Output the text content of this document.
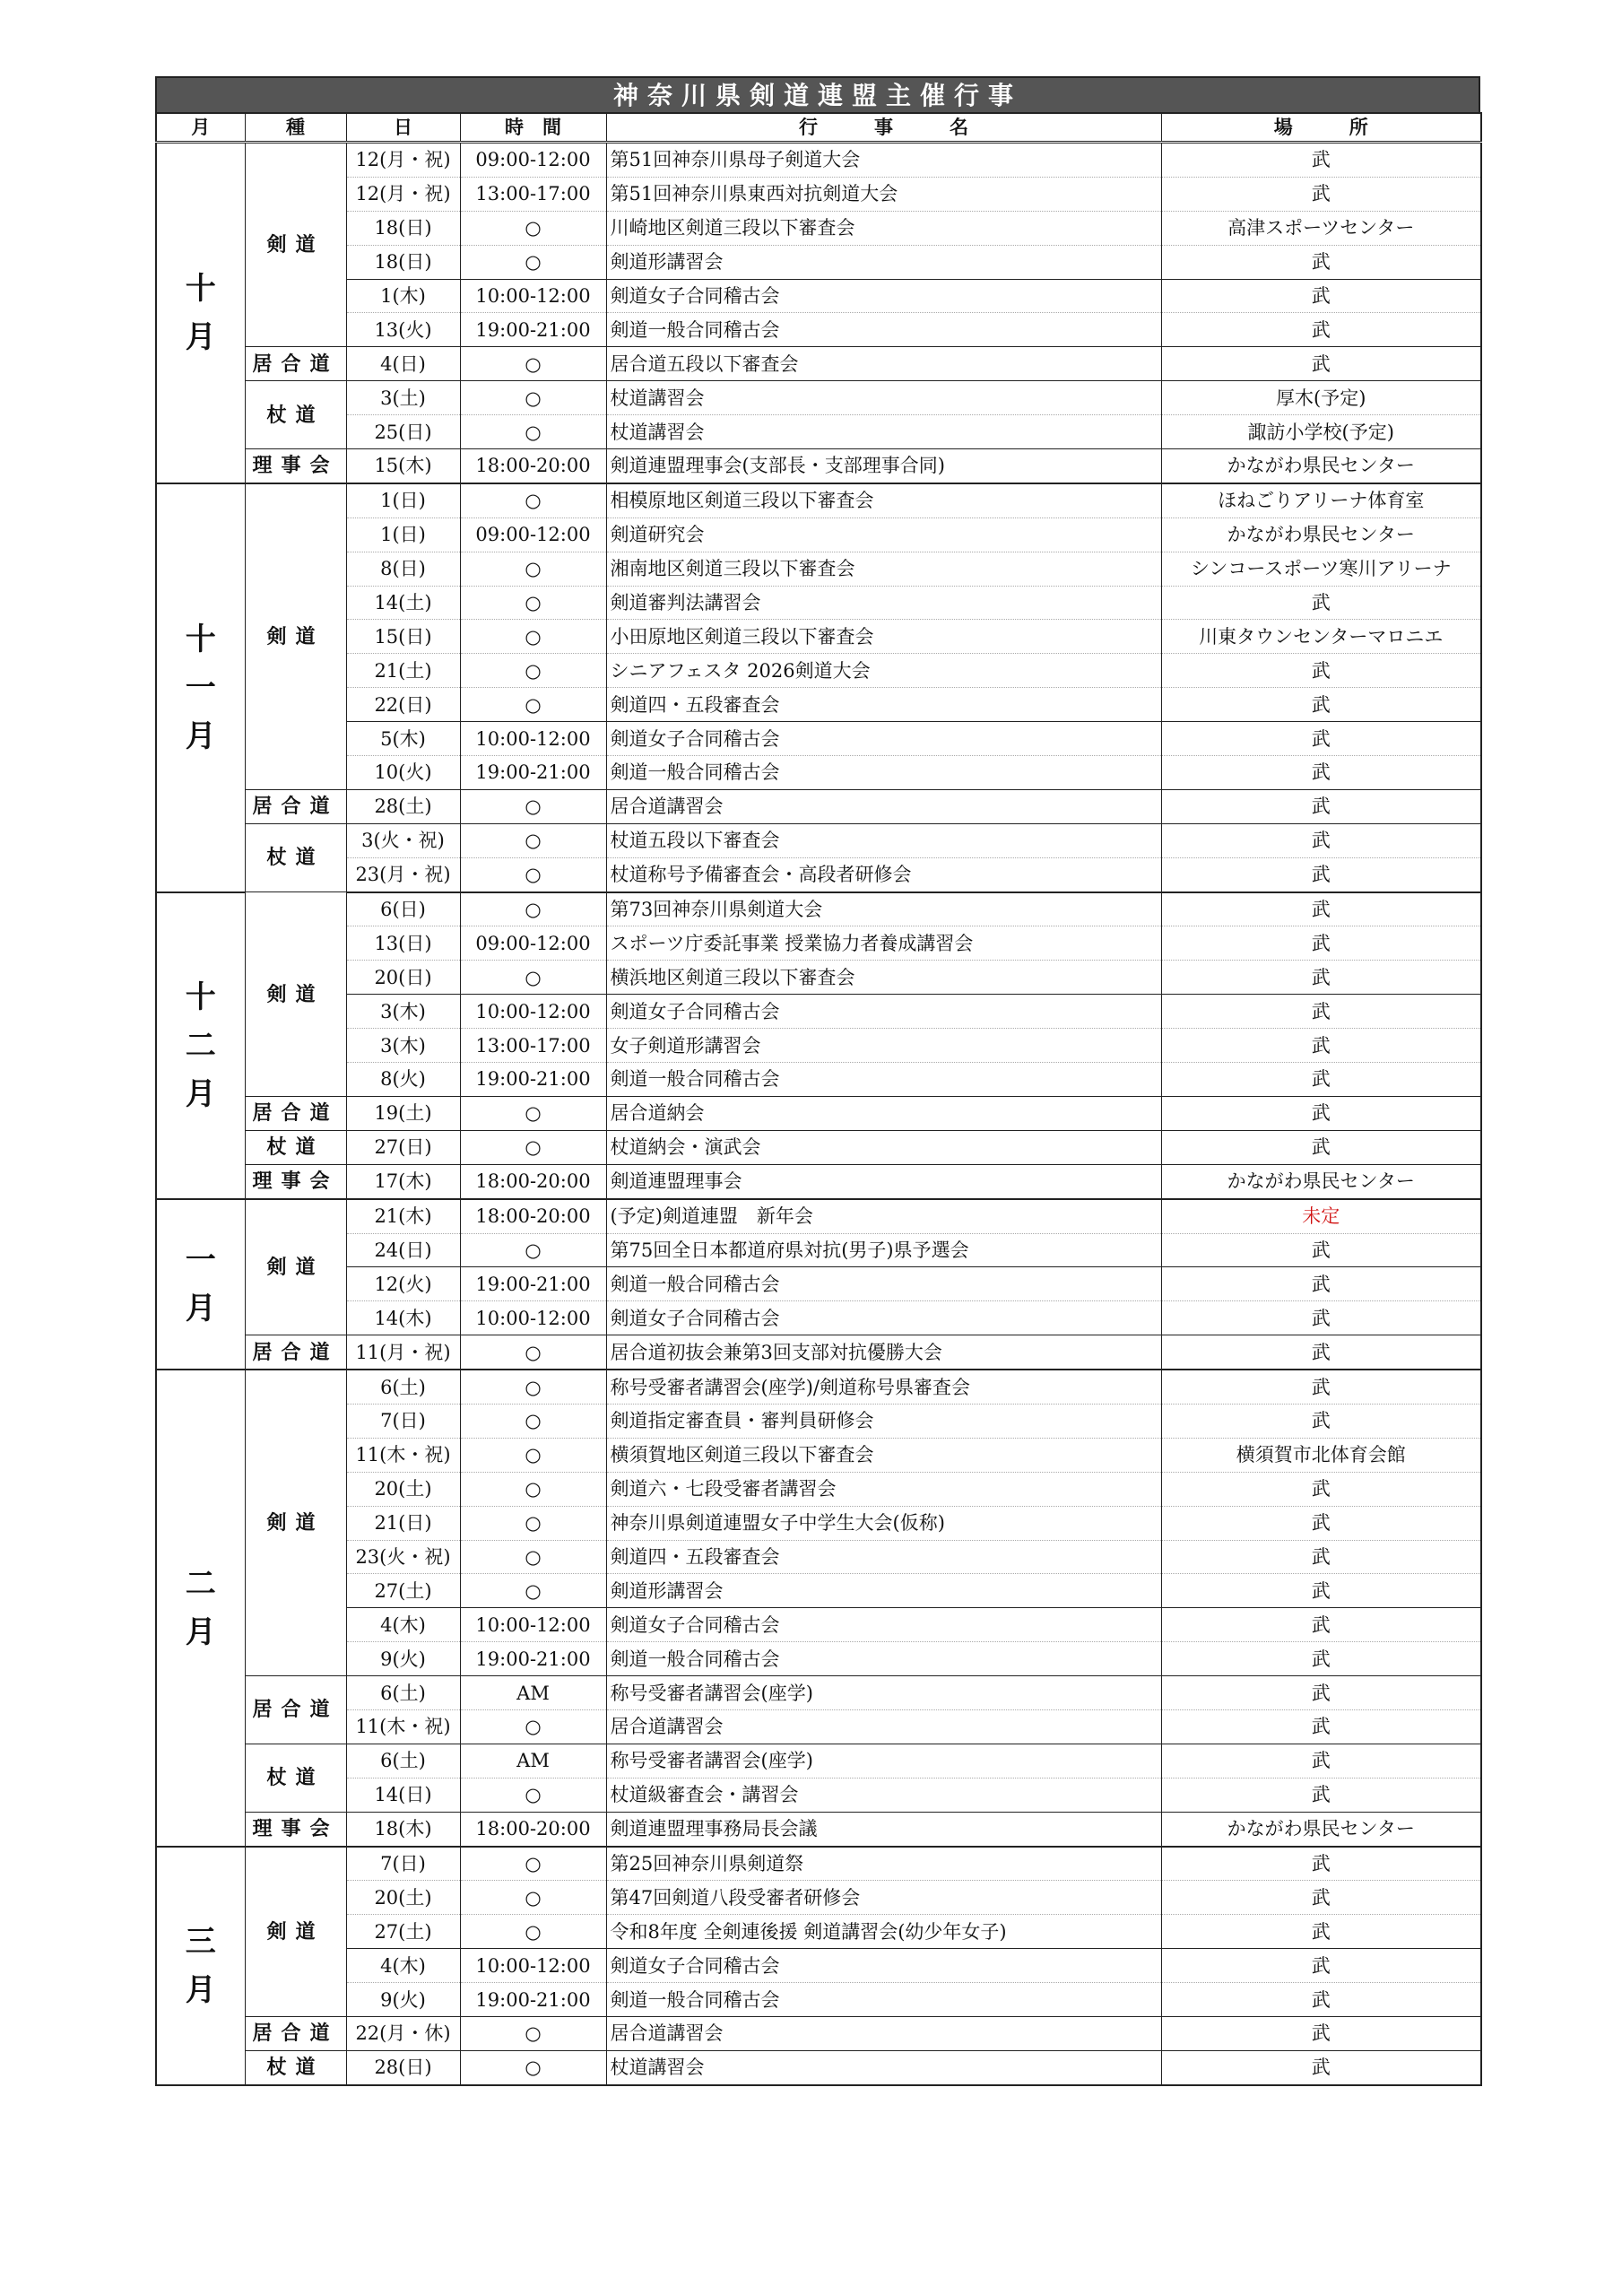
神奈川県剣道連盟主催行事
月	種	日	時　間	行　　　事　　　名	場　　　所

十
月	剣道	12(月・祝)	09:00-12:00	第51回神奈川県母子剣道大会	武
		12(月・祝)	13:00-17:00	第51回神奈川県東西対抗剣道大会	武
		18(日)	○	川崎地区剣道三段以下審査会	高津スポーツセンター
		18(日)	○	剣道形講習会	武
		1(木)	10:00-12:00	剣道女子合同稽古会	武
		13(火)	19:00-21:00	剣道一般合同稽古会	武
	居合道	4(日)	○	居合道五段以下審査会	武
	杖道	3(土)	○	杖道講習会	厚木(予定)
		25(日)	○	杖道講習会	諏訪小学校(予定)
	理事会	15(木)	18:00-20:00	剣道連盟理事会(支部長・支部理事合同)	かながわ県民センター

十
一
月	剣道	1(日)	○	相模原地区剣道三段以下審査会	ほねごりアリーナ体育室
		1(日)	09:00-12:00	剣道研究会	かながわ県民センター
		8(日)	○	湘南地区剣道三段以下審査会	シンコースポーツ寒川アリーナ
		14(土)	○	剣道審判法講習会	武
		15(日)	○	小田原地区剣道三段以下審査会	川東タウンセンターマロニエ
		21(土)	○	シニアフェスタ 2026剣道大会	武
		22(日)	○	剣道四・五段審査会	武
		5(木)	10:00-12:00	剣道女子合同稽古会	武
		10(火)	19:00-21:00	剣道一般合同稽古会	武
	居合道	28(土)	○	居合道講習会	武
	杖道	3(火・祝)	○	杖道五段以下審査会	武
		23(月・祝)	○	杖道称号予備審査会・高段者研修会	武

十
二
月	剣道	6(日)	○	第73回神奈川県剣道大会	武
		13(日)	09:00-12:00	スポーツ庁委託事業 授業協力者養成講習会	武
		20(日)	○	横浜地区剣道三段以下審査会	武
		3(木)	10:00-12:00	剣道女子合同稽古会	武
		3(木)	13:00-17:00	女子剣道形講習会	武
		8(火)	19:00-21:00	剣道一般合同稽古会	武
	居合道	19(土)	○	居合道納会	武
	杖道	27(日)	○	杖道納会・演武会	武
	理事会	17(木)	18:00-20:00	剣道連盟理事会	かながわ県民センター

一
月	剣道	21(木)	18:00-20:00	(予定)剣道連盟　新年会	未定
		24(日)	○	第75回全日本都道府県対抗(男子)県予選会	武
		12(火)	19:00-21:00	剣道一般合同稽古会	武
		14(木)	10:00-12:00	剣道女子合同稽古会	武
	居合道	11(月・祝)	○	居合道初抜会兼第3回支部対抗優勝大会	武

二
月	剣道	6(土)	○	称号受審者講習会(座学)/剣道称号県審査会	武
		7(日)	○	剣道指定審査員・審判員研修会	武
		11(木・祝)	○	横須賀地区剣道三段以下審査会	横須賀市北体育会館
		20(土)	○	剣道六・七段受審者講習会	武
		21(日)	○	神奈川県剣道連盟女子中学生大会(仮称)	武
		23(火・祝)	○	剣道四・五段審査会	武
		27(土)	○	剣道形講習会	武
		4(木)	10:00-12:00	剣道女子合同稽古会	武
		9(火)	19:00-21:00	剣道一般合同稽古会	武
	居合道	6(土)	AM	称号受審者講習会(座学)	武
		11(木・祝)	○	居合道講習会	武
	杖道	6(土)	AM	称号受審者講習会(座学)	武
		14(日)	○	杖道級審査会・講習会	武
	理事会	18(木)	18:00-20:00	剣道連盟理事務局長会議	かながわ県民センター

三
月	剣道	7(日)	○	第25回神奈川県剣道祭	武
		20(土)	○	第47回剣道八段受審者研修会	武
		27(土)	○	令和8年度 全剣連後援 剣道講習会(幼少年女子)	武
		4(木)	10:00-12:00	剣道女子合同稽古会	武
		9(火)	19:00-21:00	剣道一般合同稽古会	武
	居合道	22(月・休)	○	居合道講習会	武
	杖道	28(日)	○	杖道講習会	武
